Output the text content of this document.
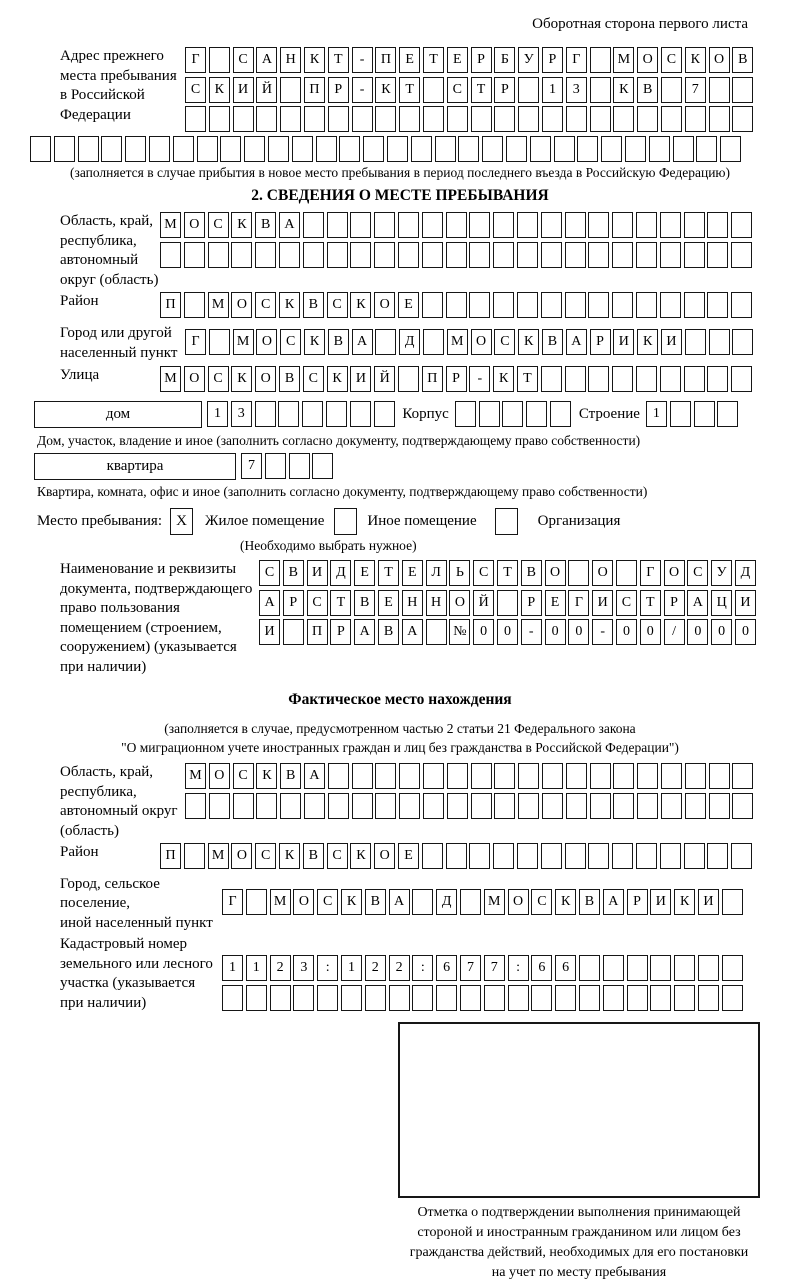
Оборотная сторона первого листа
Адрес прежнего
места пребывания
в Российской
Федерации
Г	С	А Н	К	Т	-	П	Е	Т	Е	Р	Б	У	Р	Г	М О	С	К	О	В
С	К	И Й	П	Р	-	К	Т	С	Т	Р	1	3	К	В	7
(заполняется в случае прибытия в новое место пребывания в период последнего въезда в Российскую Федерацию)
2. СВЕДЕНИЯ О МЕСТЕ ПРЕБЫВАНИЯ
Область, край,
республика,
автономный
округ (область)
М О	С	К	В	А
Район	П	М О	С	К	В	С	К	О	Е
Город или другой
населенный пункт
Г	М О	С	К	В	А	Д	М О	С	К	В	А	Р	И	К	И
Улица	М О	С	К	О	В	С	К	И Й	П	Р	-	К	Т
дом	1	3	Корпус	Строение 1
Дом, участок, владение и иное (заполнить согласно документу, подтверждающему право собственности)
квартира	7
Квартира, комната, офис и иное (заполнить согласно документу, подтверждающему право собственности)
Место пребывания: X	Жилое помещение	Иное помещение	Организация
(Необходимо выбрать нужное)
Наименование и реквизиты
документа, подтверждающего
право пользования
помещением (строением,
сооружением) (указывается
при наличии)
С	В	И Д	Е	Т	Е	Л	Ь	С	Т	В	О	О	Г	О	С	У	Д
А	Р	С	Т	В	Е	Н Н О Й	Р	Е	Г	И	С	Т	Р	А Ц И
И	П	Р	А	В	А	№ 0	0	-	0	0	-	0	0	/	0	0	0
Фактическое место нахождения
(заполняется в случае, предусмотренном частью 2 статьи 21 Федерального закона
"О миграционном учете иностранных граждан и лиц без гражданства в Российской Федерации")
Область, край,
республика,
автономный округ
(область)
М О	С	К	В	А
Район	П	М О	С	К	В	С	К	О	Е
Город, сельское поселение,
иной населенный пункт
Г	М О	С	К	В	А	Д	М О	С	К	В	А	Р	И	К	И
Кадастровый номер
земельного или лесного
участка (указывается
при наличии)
1	1	2	3	:	1	2	2	:	6	7	7	:	6	6
Отметка о подтверждении выполнения принимающей
стороной и иностранным гражданином или лицом без
гражданства действий, необходимых для его постановки
на учет по месту пребывания
